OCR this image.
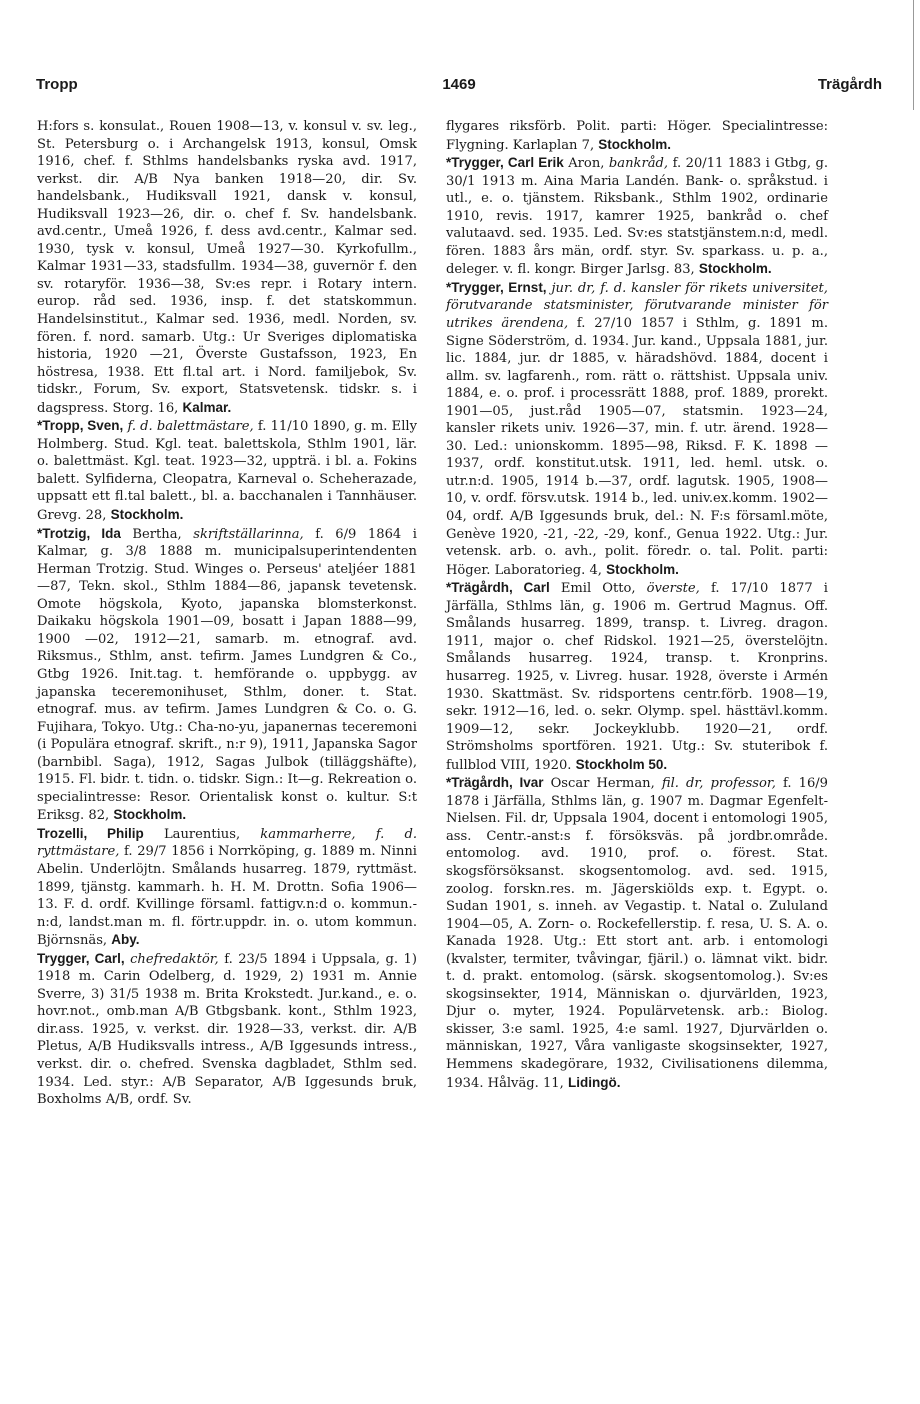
Tropp	1469	Trägårdh

H:fors s. konsulat., Rouen 1908—13, v. konsul v. sv. leg., St. Petersburg o. i Archangelsk 1913, konsul, Omsk 1916, chef. f. Sthlms handelsbanks ryska avd. 1917, verkst. dir. A/B Nya banken 1918—20, dir. Sv. handelsbank., Hudiksvall 1921, dansk v. konsul, Hudiksvall 1923—26, dir. o. chef f. Sv. handelsbank. avd.centr., Umeå 1926, f. dess avd.centr., Kalmar sed. 1930, tysk v. konsul, Umeå 1927—30. Kyrkofullm., Kalmar 1931—33, stadsfullm. 1934—38, guvernör f. den sv. rotaryför. 1936—38, Sv:es repr. i Rotary intern. europ. råd sed. 1936, insp. f. det statskommun. Handelsinstitut., Kalmar sed. 1936, medl. Norden, sv. fören. f. nord. samarb. Utg.: Ur Sveriges diplomatiska historia, 1920 —21, Överste Gustafsson, 1923, En höstresa, 1938. Ett fl.tal art. i Nord. familjebok, Sv. tidskr., Forum, Sv. export, Statsvetensk. tidskr. s. i dagspress. Storg. 16, Kalmar.

*Tropp, Sven, f. d. balettmästare, f. 11/10 1890, g. m. Elly Holmberg. Stud. Kgl. teat. balettskola, Sthlm 1901, lär. o. balettmäst. Kgl. teat. 1923—32, uppträ. i bl. a. Fokins balett. Sylfiderna, Cleopatra, Karneval o. Scheherazade, uppsatt ett fl.tal balett., bl. a. bacchanalen i Tannhäuser. Grevg. 28, Stockholm.

*Trotzig, Ida Bertha, skriftställarinna, f. 6/9 1864 i Kalmar, g. 3/8 1888 m. municipalsuperintendenten Herman Trotzig. Stud. Winges o. Perseus' ateljéer 1881—87, Tekn. skol., Sthlm 1884—86, japansk tevetensk. Omote högskola, Kyoto, japanska blomsterkonst. Daikaku högskola 1901—09, bosatt i Japan 1888—99, 1900 —02, 1912—21, samarb. m. etnograf. avd. Riksmus., Sthlm, anst. tefirm. James Lundgren & Co., Gtbg 1926. Init.tag. t. hemförande o. uppbygg. av japanska teceremonihuset, Sthlm, doner. t. Stat. etnograf. mus. av tefirm. James Lundgren & Co. o. G. Fujihara, Tokyo. Utg.: Cha-no-yu, japanernas teceremoni (i Populära etnograf. skrift., n:r 9), 1911, Japanska Sagor (barnbibl. Saga), 1912, Sagas Julbok (tilläggshäfte), 1915. Fl. bidr. t. tidn. o. tidskr. Sign.: It—g. Rekreation o. specialintresse: Resor. Orientalisk konst o. kultur. S:t Eriksg. 82, Stockholm.

Trozelli, Philip Laurentius, kammarherre, f. d. ryttmästare, f. 29/7 1856 i Norrköping, g. 1889 m. Ninni Abelin. Underlöjtn. Smålands husarreg. 1879, ryttmäst. 1899, tjänstg. kammarh. h. H. M. Drottn. Sofia 1906—13. F. d. ordf. Kvillinge församl. fattigv.n:d o. kommun.-n:d, landst.man m. fl. förtr.uppdr. in. o. utom kommun. Björnsnäs, Aby.

Trygger, Carl, chefredaktör, f. 23/5 1894 i Uppsala, g. 1) 1918 m. Carin Odelberg, d. 1929, 2) 1931 m. Annie Sverre, 3) 31/5 1938 m. Brita Krokstedt. Jur.kand., e. o. hovr.not., omb.man A/B Gtbgsbank. kont., Sthlm 1923, dir.ass. 1925, v. verkst. dir. 1928—33, verkst. dir. A/B Pletus, A/B Hudiksvalls intress., A/B Iggesunds intress., verkst. dir. o. chefred. Svenska dagbladet, Sthlm sed. 1934. Led. styr.: A/B Separator, A/B Iggesunds bruk, Boxholms A/B, ordf. Sv.

flygares riksförb. Polit. parti: Höger. Specialintresse: Flygning. Karlaplan 7, Stockholm.

*Trygger, Carl Erik Aron, bankråd, f. 20/11 1883 i Gtbg, g. 30/1 1913 m. Aina Maria Landén. Bank- o. språkstud. i utl., e. o. tjänstem. Riksbank., Sthlm 1902, ordinarie 1910, revis. 1917, kamrer 1925, bankråd o. chef valutaavd. sed. 1935. Led. Sv:es statstjänstem.n:d, medl. fören. 1883 års män, ordf. styr. Sv. sparkass. u. p. a., deleger. v. fl. kongr. Birger Jarlsg. 83, Stockholm.

*Trygger, Ernst, jur. dr, f. d. kansler för rikets universitet, förutvarande statsminister, förutvarande minister för utrikes ärendena, f. 27/10 1857 i Sthlm, g. 1891 m. Signe Söderström, d. 1934. Jur. kand., Uppsala 1881, jur. lic. 1884, jur. dr 1885, v. häradshövd. 1884, docent i allm. sv. lagfarenh., rom. rätt o. rättshist. Uppsala univ. 1884, e. o. prof. i processrätt 1888, prof. 1889, prorekt. 1901—05, just.råd 1905—07, statsmin. 1923—24, kansler rikets univ. 1926—37, min. f. utr. ärend. 1928—30. Led.: unionskomm. 1895—98, Riksd. F. K. 1898 —1937, ordf. konstitut.utsk. 1911, led. heml. utsk. o. utr.n:d. 1905, 1914 b.—37, ordf. lagutsk. 1905, 1908—10, v. ordf. försv.utsk. 1914 b., led. univ.ex.komm. 1902—04, ordf. A/B Iggesunds bruk, del.: N. F:s församl.möte, Genève 1920, -21, -22, -29, konf., Genua 1922. Utg.: Jur. vetensk. arb. o. avh., polit. föredr. o. tal. Polit. parti: Höger. Laboratorieg. 4, Stockholm.

*Trägårdh, Carl Emil Otto, överste, f. 17/10 1877 i Järfälla, Sthlms län, g. 1906 m. Gertrud Magnus. Off. Smålands husarreg. 1899, transp. t. Livreg. dragon. 1911, major o. chef Ridskol. 1921—25, överstelöjtn. Smålands husarreg. 1924, transp. t. Kronprins. husarreg. 1925, v. Livreg. husar. 1928, överste i Armén 1930. Skattmäst. Sv. ridsportens centr.förb. 1908—19, sekr. 1912—16, led. o. sekr. Olymp. spel. hästtävl.komm. 1909—12, sekr. Jockeyklubb. 1920—21, ordf. Strömsholms sportfören. 1921. Utg.: Sv. stuteribok f. fullblod VIII, 1920. Stockholm 50.

*Trägårdh, Ivar Oscar Herman, fil. dr, professor, f. 16/9 1878 i Järfälla, Sthlms län, g. 1907 m. Dagmar Egenfelt-Nielsen. Fil. dr, Uppsala 1904, docent i entomologi 1905, ass. Centr.-anst:s f. försöksväs. på jordbr.område. entomolog. avd. 1910, prof. o. förest. Stat. skogsförsöksanst. skogsentomolog. avd. sed. 1915, zoolog. forskn.res. m. Jägerskiölds exp. t. Egypt. o. Sudan 1901, s. inneh. av Vegastip. t. Natal o. Zululand 1904—05, A. Zorn- o. Rockefellerstip. f. resa, U. S. A. o. Kanada 1928. Utg.: Ett stort ant. arb. i entomologi (kvalster, termiter, tvåvingar, fjäril.) o. lämnat vikt. bidr. t. d. prakt. entomolog. (särsk. skogsentomolog.). Sv:es skogsinsekter, 1914, Människan o. djurvärlden, 1923, Djur o. myter, 1924. Populärvetensk. arb.: Biolog. skisser, 3:e saml. 1925, 4:e saml. 1927, Djurvärlden o. människan, 1927, Våra vanligaste skogsinsekter, 1927, Hemmens skadegörare, 1932, Civilisationens dilemma, 1934. Hålväg. 11, Lidingö.
